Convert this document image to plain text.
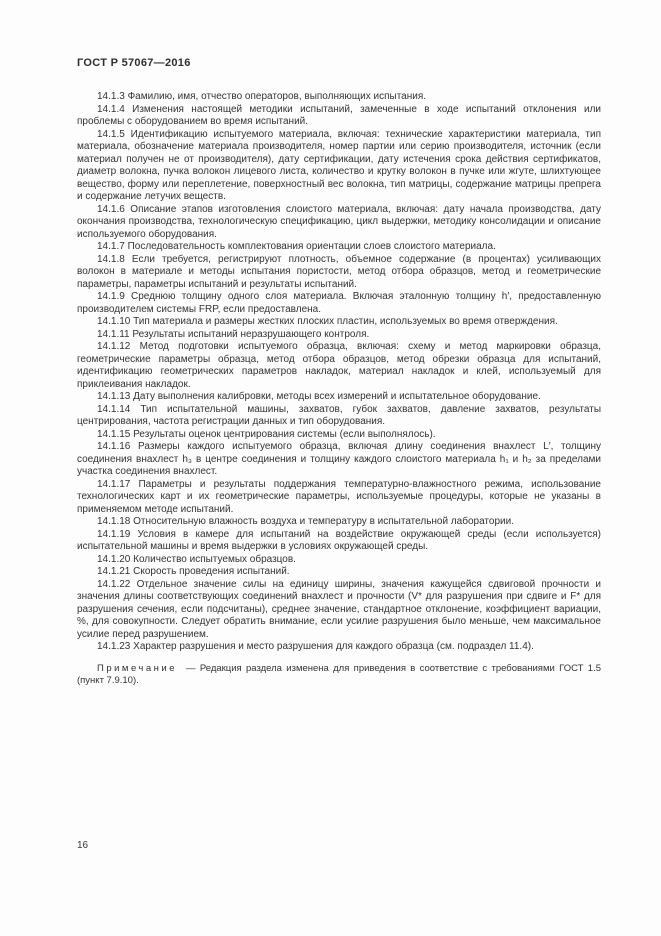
ГОСТ Р 57067—2016

14.1.3 Фамилию, имя, отчество операторов, выполняющих испытания.

14.1.4 Изменения настоящей методики испытаний, замеченные в ходе испытаний отклонения или проблемы с оборудованием во время испытаний.

14.1.5 Идентификацию испытуемого материала, включая: технические характеристики материала, тип материала, обозначение материала производителя, номер партии или серию производителя, источник (если материал получен не от производителя), дату сертификации, дату истечения срока действия сертификатов, диаметр волокна, пучка волокон лицевого листа, количество и крутку волокон в пучке или жгуте, шлихтующее вещество, форму или переплетение, поверхностный вес волокна, тип матрицы, содержание матрицы препрега и содержание летучих веществ.

14.1.6 Описание этапов изготовления слоистого материала, включая: дату начала производства, дату окончания производства, технологическую спецификацию, цикл выдержки, методику консолидации и описание используемого оборудования.

14.1.7 Последовательность комплектования ориентации слоев слоистого материала.

14.1.8 Если требуется, регистрируют плотность, объемное содержание (в процентах) усиливающих волокон в материале и методы испытания пористости, метод отбора образцов, метод и геометрические параметры, параметры испытаний и результаты испытаний.

14.1.9 Среднюю толщину одного слоя материала. Включая эталонную толщину h′, предоставленную производителем системы FRP, если предоставлена.

14.1.10 Тип материала и размеры жестких плоских пластин, используемых во время отверждения.

14.1.11 Результаты испытаний неразрушающего контроля.

14.1.12 Метод подготовки испытуемого образца, включая: схему и метод маркировки образца, геометрические параметры образца, метод отбора образцов, метод обрезки образца для испытаний, идентификацию геометрических параметров накладок, материал накладок и клей, используемый для приклеивания накладок.

14.1.13 Дату выполнения калибровки, методы всех измерений и испытательное оборудование.

14.1.14 Тип испытательной машины, захватов, губок захватов, давление захватов, результаты центрирования, частота регистрации данных и тип оборудования.

14.1.15 Результаты оценок центрирования системы (если выполнялось).

14.1.16 Размеры каждого испытуемого образца, включая длину соединения внахлест L′, толщину соединения внахлест h₃ в центре соединения и толщину каждого слоистого материала h₁ и h₂ за пределами участка соединения внахлест.

14.1.17 Параметры и результаты поддержания температурно-влажностного режима, использование технологических карт и их геометрические параметры, используемые процедуры, которые не указаны в применяемом методе испытаний.

14.1.18 Относительную влажность воздуха и температуру в испытательной лаборатории.

14.1.19 Условия в камере для испытаний на воздействие окружающей среды (если используется) испытательной машины и время выдержки в условиях окружающей среды.

14.1.20 Количество испытуемых образцов.

14.1.21 Скорость проведения испытаний.

14.1.22 Отдельное значение силы на единицу ширины, значения кажущейся сдвиговой прочности и значения длины соответствующих соединений внахлест и прочности (V* для разрушения при сдвиге и F* для разрушения сечения, если подсчитаны), среднее значение, стандартное отклонение, коэффициент вариации, %, для совокупности. Следует обратить внимание, если усилие разрушения было меньше, чем максимальное усилие перед разрушением.

14.1.23 Характер разрушения и место разрушения для каждого образца (см. подраздел 11.4).

Примечание — Редакция раздела изменена для приведения в соответствие с требованиями ГОСТ 1.5 (пункт 7.9.10).

16
